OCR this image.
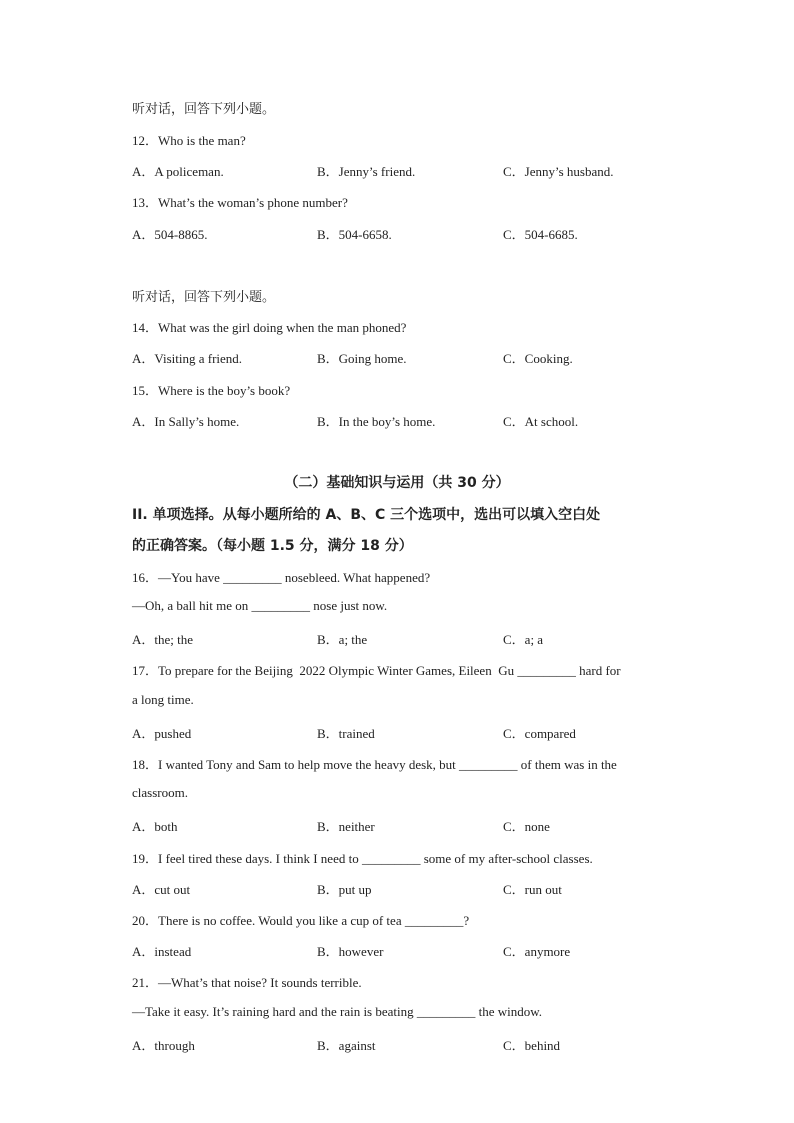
听对话，回答下列小题。
12．Who is the man?
A．A policeman.	B．Jenny’s friend.	C．Jenny’s husband.
13．What’s the woman’s phone number?
A．504-8865.	B．504-6658.	C．504-6685.
听对话，回答下列小题。
14．What was the girl doing when the man phoned?
A．Visiting a friend.	B．Going home.	C．Cooking.
15．Where is the boy’s book?
A．In Sally’s home.	B．In the boy’s home.	C．At school.
（二）基础知识与运用（共 30 分）
II. 单项选择。从每小题所给的 A、B、C 三个选项中，选出可以填入空白处
的正确答案。（每小题 1.5 分，满分 18 分）
16．—You have _________ nosebleed. What happened?
—Oh, a ball hit me on _________ nose just now.
A．the; the	B．a; the	C．a; a
17．To prepare for the Beijing  2022 Olympic Winter Games, Eileen  Gu _________ hard for
a long time.
A．pushed	B．trained	C．compared
18．I wanted Tony and Sam to help move the heavy desk, but _________ of them was in the
classroom.
A．both	B．neither	C．none
19．I feel tired these days. I think I need to _________ some of my after-school classes.
A．cut out	B．put up	C．run out
20．There is no coffee. Would you like a cup of tea _________?
A．instead	B．however	C．anymore
21．—What’s that noise? It sounds terrible.
—Take it easy. It’s raining hard and the rain is beating _________ the window.
A．through	B．against	C．behind
